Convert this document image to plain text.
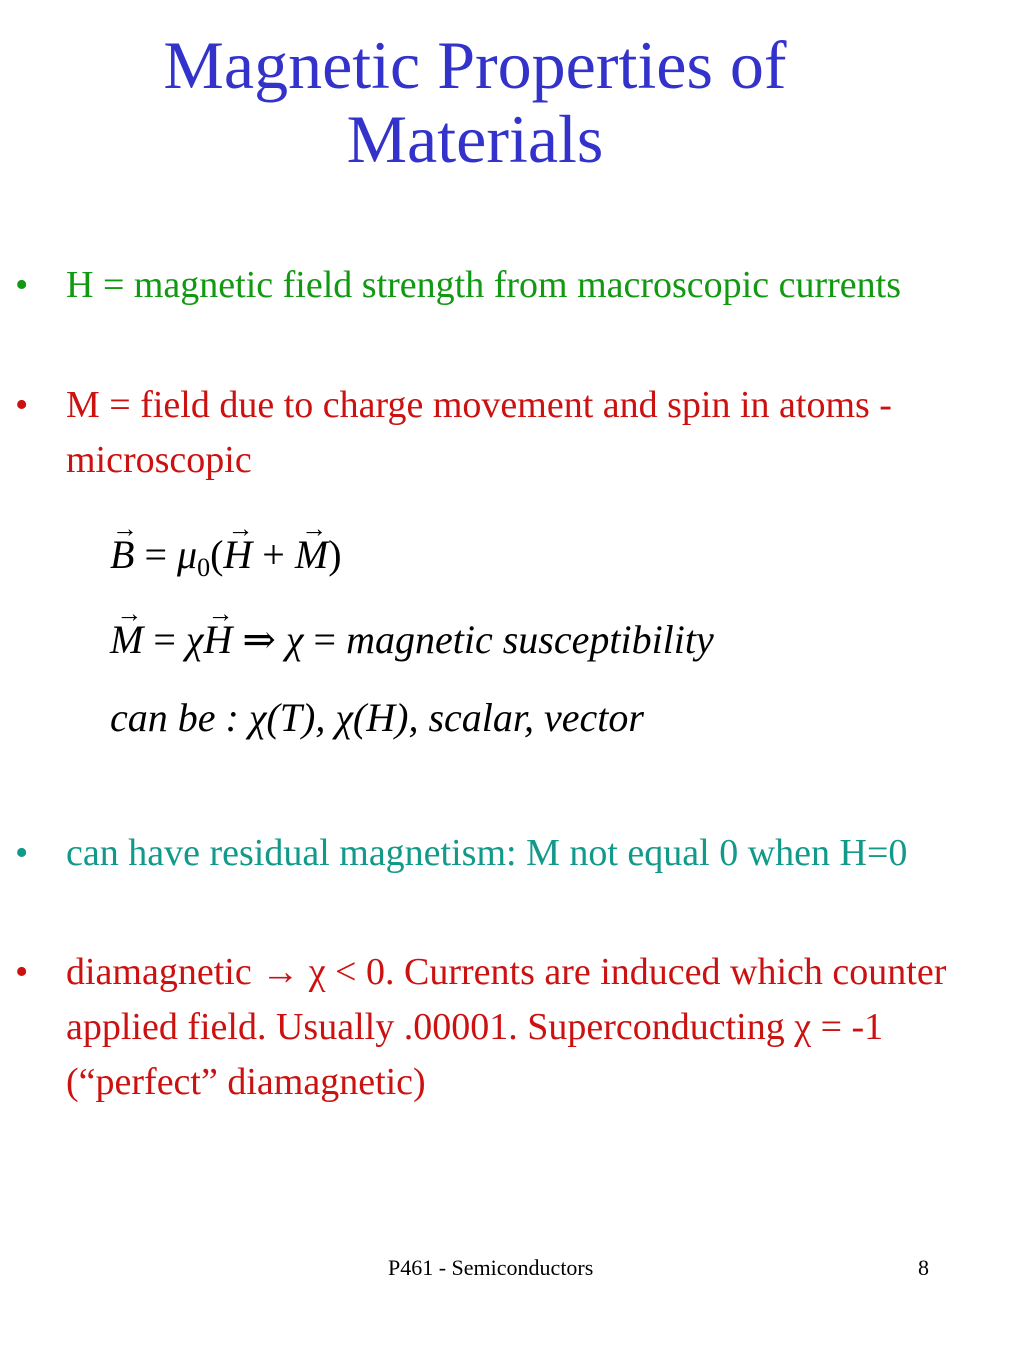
Magnetic Properties of Materials
• H = magnetic field strength from macroscopic currents
• M = field due to charge movement and spin in atoms - microscopic
→ $B = \mu_0(\to H$ + → M)
→ M = χ→ H ⇒ χ = magnetic susceptibility
can be : χ(T), χ(H), scalar, vector
• can have residual magnetism: M not equal 0 when H=0
• diamagnetic → χ < 0. Currents are induced which counter applied field. Usually .00001. Superconducting χ = -1 (“perfect” diamagnetic)
P461 - Semiconductors	8
